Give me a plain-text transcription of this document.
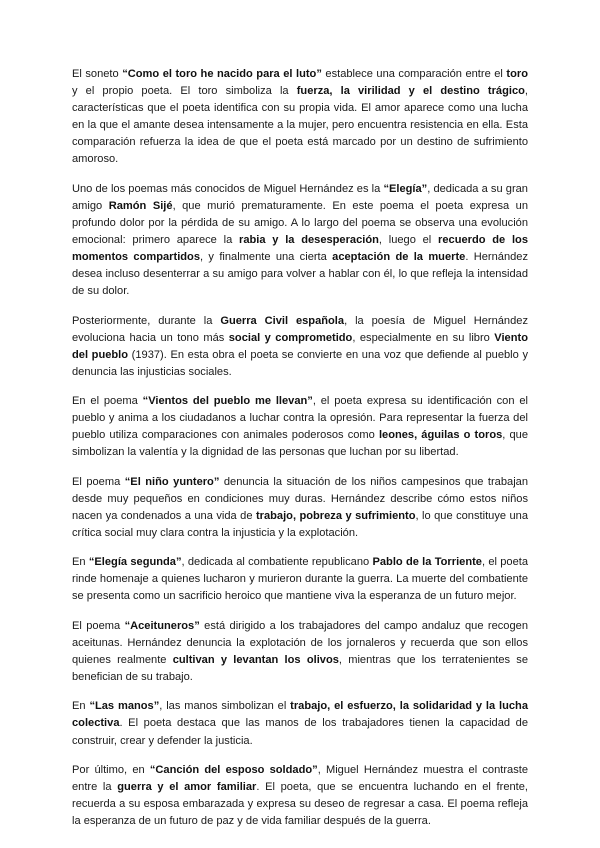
El soneto “Como el toro he nacido para el luto” establece una comparación entre el toro y el propio poeta. El toro simboliza la fuerza, la virilidad y el destino trágico, características que el poeta identifica con su propia vida. El amor aparece como una lucha en la que el amante desea intensamente a la mujer, pero encuentra resistencia en ella. Esta comparación refuerza la idea de que el poeta está marcado por un destino de sufrimiento amoroso.

Uno de los poemas más conocidos de Miguel Hernández es la “Elegía”, dedicada a su gran amigo Ramón Sijé, que murió prematuramente. En este poema el poeta expresa un profundo dolor por la pérdida de su amigo. A lo largo del poema se observa una evolución emocional: primero aparece la rabia y la desesperación, luego el recuerdo de los momentos compartidos, y finalmente una cierta aceptación de la muerte. Hernández desea incluso desenterrar a su amigo para volver a hablar con él, lo que refleja la intensidad de su dolor.

Posteriormente, durante la Guerra Civil española, la poesía de Miguel Hernández evoluciona hacia un tono más social y comprometido, especialmente en su libro Viento del pueblo (1937). En esta obra el poeta se convierte en una voz que defiende al pueblo y denuncia las injusticias sociales.

En el poema “Vientos del pueblo me llevan”, el poeta expresa su identificación con el pueblo y anima a los ciudadanos a luchar contra la opresión. Para representar la fuerza del pueblo utiliza comparaciones con animales poderosos como leones, águilas o toros, que simbolizan la valentía y la dignidad de las personas que luchan por su libertad.

El poema “El niño yuntero” denuncia la situación de los niños campesinos que trabajan desde muy pequeños en condiciones muy duras. Hernández describe cómo estos niños nacen ya condenados a una vida de trabajo, pobreza y sufrimiento, lo que constituye una crítica social muy clara contra la injusticia y la explotación.

En “Elegía segunda”, dedicada al combatiente republicano Pablo de la Torriente, el poeta rinde homenaje a quienes lucharon y murieron durante la guerra. La muerte del combatiente se presenta como un sacrificio heroico que mantiene viva la esperanza de un futuro mejor.

El poema “Aceituneros” está dirigido a los trabajadores del campo andaluz que recogen aceitunas. Hernández denuncia la explotación de los jornaleros y recuerda que son ellos quienes realmente cultivan y levantan los olivos, mientras que los terratenientes se benefician de su trabajo.

En “Las manos”, las manos simbolizan el trabajo, el esfuerzo, la solidaridad y la lucha colectiva. El poeta destaca que las manos de los trabajadores tienen la capacidad de construir, crear y defender la justicia.

Por último, en “Canción del esposo soldado”, Miguel Hernández muestra el contraste entre la guerra y el amor familiar. El poeta, que se encuentra luchando en el frente, recuerda a su esposa embarazada y expresa su deseo de regresar a casa. El poema refleja la esperanza de un futuro de paz y de vida familiar después de la guerra.
